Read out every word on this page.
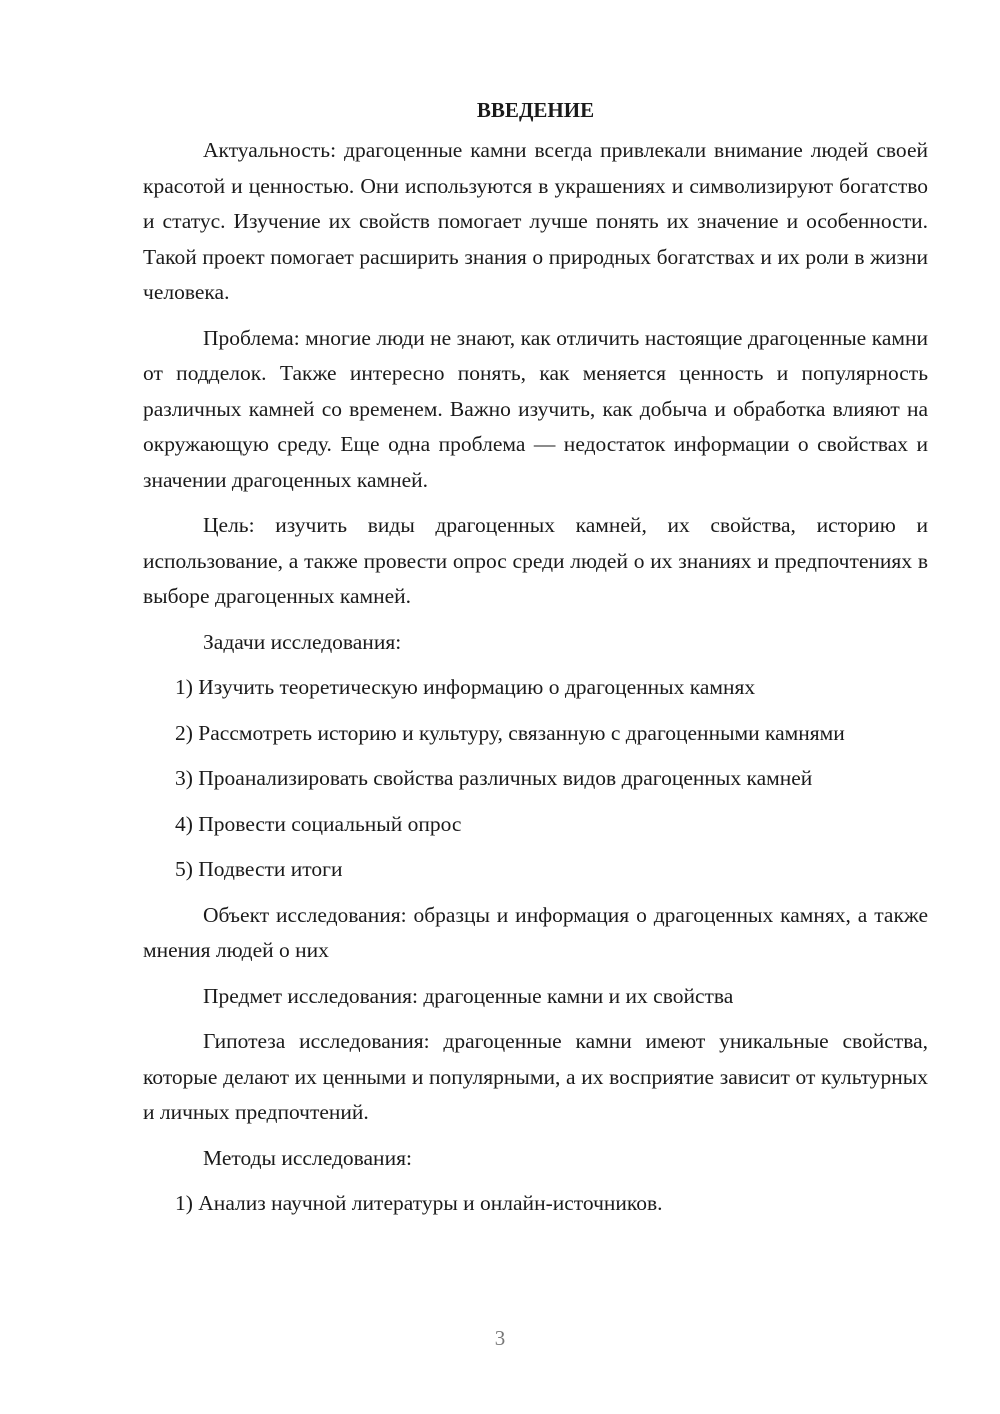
ВВЕДЕНИЕ

Актуальность: драгоценные камни всегда привлекали внимание людей своей красотой и ценностью. Они используются в украшениях и символизируют богатство и статус. Изучение их свойств помогает лучше понять их значение и особенности. Такой проект помогает расширить знания о природных богатствах и их роли в жизни человека.

Проблема: многие люди не знают, как отличить настоящие драгоценные камни от подделок. Также интересно понять, как меняется ценность и популярность различных камней со временем. Важно изучить, как добыча и обработка влияют на окружающую среду. Еще одна проблема — недостаток информации о свойствах и значении драгоценных камней.

Цель: изучить виды драгоценных камней, их свойства, историю и использование, а также провести опрос среди людей о их знаниях и предпочтениях в выборе драгоценных камней.

Задачи исследования:

1) Изучить теоретическую информацию о драгоценных камнях

2) Рассмотреть историю и культуру, связанную с драгоценными камнями

3) Проанализировать свойства различных видов драгоценных камней

4) Провести социальный опрос

5) Подвести итоги

Объект исследования: образцы и информация о драгоценных камнях, а также мнения людей о них

Предмет исследования: драгоценные камни и их свойства

Гипотеза исследования: драгоценные камни имеют уникальные свойства, которые делают их ценными и популярными, а их восприятие зависит от культурных и личных предпочтений.

Методы исследования:

1) Анализ научной литературы и онлайн-источников.

3
